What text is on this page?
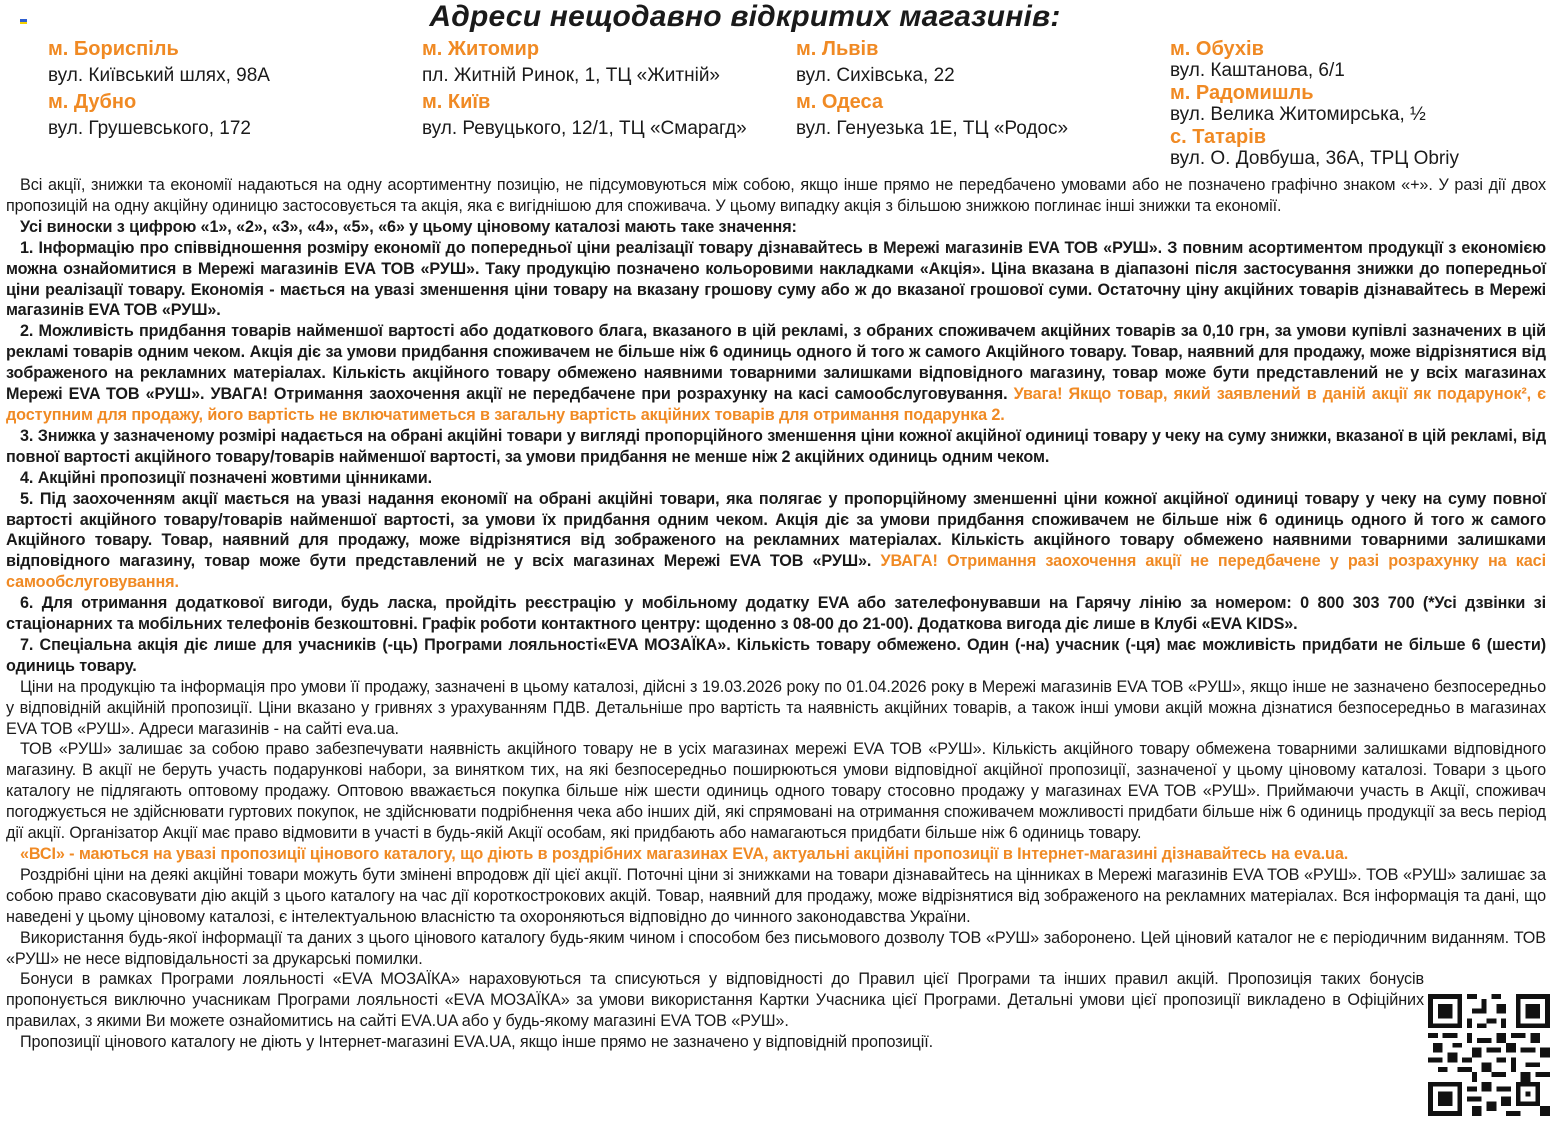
Адреси нещодавно відкритих магазинів:
м. Бориспіль
вул. Київський шлях, 98А
м. Дубно
вул. Грушевського, 172
м. Житомир
пл. Житній Ринок, 1, ТЦ «Житній»
м. Київ
вул. Ревуцького, 12/1, ТЦ «Смарагд»
м. Львів
вул. Сихівська, 22
м. Одеса
вул. Генуезька 1Е, ТЦ «Родос»
м. Обухів
вул. Каштанова, 6/1
м. Радомишль
вул. Велика Житомирська, ½
с. Татарів
вул. О. Довбуша, 36А, ТРЦ Obriy

Всі акції, знижки та економії надаються на одну асортиментну позицію, не підсумовуються між собою, якщо інше прямо не передбачено умовами або не позначено графічно знаком «+». У разі дії двох пропозицій на одну акційну одиницю застосовується та акція, яка є вигіднішою для споживача. У цьому випадку акція з більшою знижкою поглинає інші знижки та економії.

Усі виноски з цифрою «1», «2», «3», «4», «5», «6» у цьому ціновому каталозі мають таке значення:

1. Інформацію про співвідношення розміру економії до попередньої ціни реалізації товару дізнавайтесь в Мережі магазинів EVA ТОВ «РУШ». З повним асортиментом продукції з економією можна ознайомитися в Мережі магазинів EVA ТОВ «РУШ». Таку продукцію позначено кольоровими накладками «Акція». Ціна вказана в діапазоні після застосування знижки до попередньої ціни реалізації товару. Економія - мається на увазі зменшення ціни товару на вказану грошову суму або ж до вказаної грошової суми. Остаточну ціну акційних товарів дізнавайтесь в Мережі магазинів EVA ТОВ «РУШ».

2. Можливість придбання товарів найменшої вартості або додаткового блага, вказаного в цій рекламі, з обраних споживачем акційних товарів за 0,10 грн, за умови купівлі зазначених в цій рекламі товарів одним чеком. Акція діє за умови придбання споживачем не більше ніж 6 одиниць одного й того ж самого Акційного товару. Товар, наявний для продажу, може відрізнятися від зображеного на рекламних матеріалах. Кількість акційного товару обмежено наявними товарними залишками відповідного магазину, товар може бути представлений не у всіх магазинах Мережі EVA ТОВ «РУШ». УВАГА! Отримання заохочення акції не передбачене при розрахунку на касі самообслуговування. Увага! Якщо товар, який заявлений в даній акції як подарунок², є доступним для продажу, його вартість не включатиметься в загальну вартість акційних товарів для отримання подарунка 2.

3. Знижка у зазначеному розмірі надається на обрані акційні товари у вигляді пропорційного зменшення ціни кожної акційної одиниці товару у чеку на суму знижки, вказаної в цій рекламі, від повної вартості акційного товару/товарів найменшої вартості, за умови придбання не менше ніж 2 акційних одиниць одним чеком.

4. Акційні пропозиції позначені жовтими цінниками.

5. Під заохоченням акції мається на увазі надання економії на обрані акційні товари, яка полягає у пропорційному зменшенні ціни кожної акційної одиниці товару у чеку на суму повної вартості акційного товару/товарів найменшої вартості, за умови їх придбання одним чеком. Акція діє за умови придбання споживачем не більше ніж 6 одиниць одного й того ж самого Акційного товару. Товар, наявний для продажу, може відрізнятися від зображеного на рекламних матеріалах. Кількість акційного товару обмежено наявними товарними залишками відповідного магазину, товар може бути представлений не у всіх магазинах Мережі EVA ТОВ «РУШ». УВАГА! Отримання заохочення акції не передбачене у разі розрахунку на касі самообслуговування.

6. Для отримання додаткової вигоди, будь ласка, пройдіть реєстрацію у мобільному додатку EVA або зателефонувавши на Гарячу лінію за номером: 0 800 303 700 (*Усі дзвінки зі стаціонарних та мобільних телефонів безкоштовні. Графік роботи контактного центру: щоденно з 08-00 до 21-00). Додаткова вигода діє лише в Клубі «EVA KIDS».

7. Спеціальна акція діє лише для учасників (-ць) Програми лояльності«EVA МОЗАЇКА». Кількість товару обмежено. Один (-на) учасник (-ця) має можливість придбати не більше 6 (шести) одиниць товару.

Ціни на продукцію та інформація про умови її продажу, зазначені в цьому каталозі, дійсні з 19.03.2026 року по 01.04.2026 року в Мережі магазинів EVA ТОВ «РУШ», якщо інше не зазначено безпосередньо у відповідній акційній пропозиції. Ціни вказано у гривнях з урахуванням ПДВ. Детальніше про вартість та наявність акційних товарів, а також інші умови акцій можна дізнатися безпосередньо в магазинах EVA ТОВ «РУШ». Адреси магазинів - на сайті eva.ua.

ТОВ «РУШ» залишає за собою право забезпечувати наявність акційного товару не в усіх магазинах мережі EVA ТОВ «РУШ». Кількість акційного товару обмежена товарними залишками відповідного магазину. В акції не беруть участь подарункові набори, за винятком тих, на які безпосередньо поширюються умови відповідної акційної пропозиції, зазначеної у цьому ціновому каталозі. Товари з цього каталогу не підлягають оптовому продажу. Оптовою вважається покупка більше ніж шести одиниць одного товару стосовно продажу у магазинах EVA ТОВ «РУШ». Приймаючи участь в Акції, споживач погоджується не здійснювати гуртових покупок, не здійснювати подрібнення чека або інших дій, які спрямовані на отримання споживачем можливості придбати більше ніж 6 одиниць продукції за весь період дії акції. Організатор Акції має право відмовити в участі в будь-якій Акції особам, які придбають або намагаються придбати більше ніж 6 одиниць товару.

«ВСІ» - маються на увазі пропозиції цінового каталогу, що діють в роздрібних магазинах EVA, актуальні акційні пропозиції в Інтернет-магазині дізнавайтесь на eva.ua.

Роздрібні ціни на деякі акційні товари можуть бути змінені впродовж дії цієї акції. Поточні ціни зі знижками на товари дізнавайтесь на цінниках в Мережі магазинів EVA ТОВ «РУШ». ТОВ «РУШ» залишає за собою право скасовувати дію акцій з цього каталогу на час дії короткострокових акцій. Товар, наявний для продажу, може відрізнятися від зображеного на рекламних матеріалах. Вся інформація та дані, що наведені у цьому ціновому каталозі, є інтелектуальною власністю та охороняються відповідно до чинного законодавства України.

Використання будь-якої інформації та даних з цього цінового каталогу будь-яким чином і способом без письмового дозволу ТОВ «РУШ» заборонено. Цей ціновий каталог не є періодичним виданням. ТОВ «РУШ» не несе відповідальності за друкарські помилки.

Бонуси в рамках Програми лояльності «EVA МОЗАЇКА» нараховуються та списуються у відповідності до Правил цієї Програми та інших правил акцій. Пропозиція таких бонусів пропонується виключно учасникам Програми лояльності «EVA МОЗАЇКА» за умови використання Картки Учасника цієї Програми. Детальні умови цієї пропозиції викладено в Офіційних правилах, з якими Ви можете ознайомитись на сайті EVA.UA або у будь-якому магазині EVA ТОВ «РУШ».

Пропозиції цінового каталогу не діють у Інтернет-магазині EVA.UA, якщо інше прямо не зазначено у відповідній пропозиції.
